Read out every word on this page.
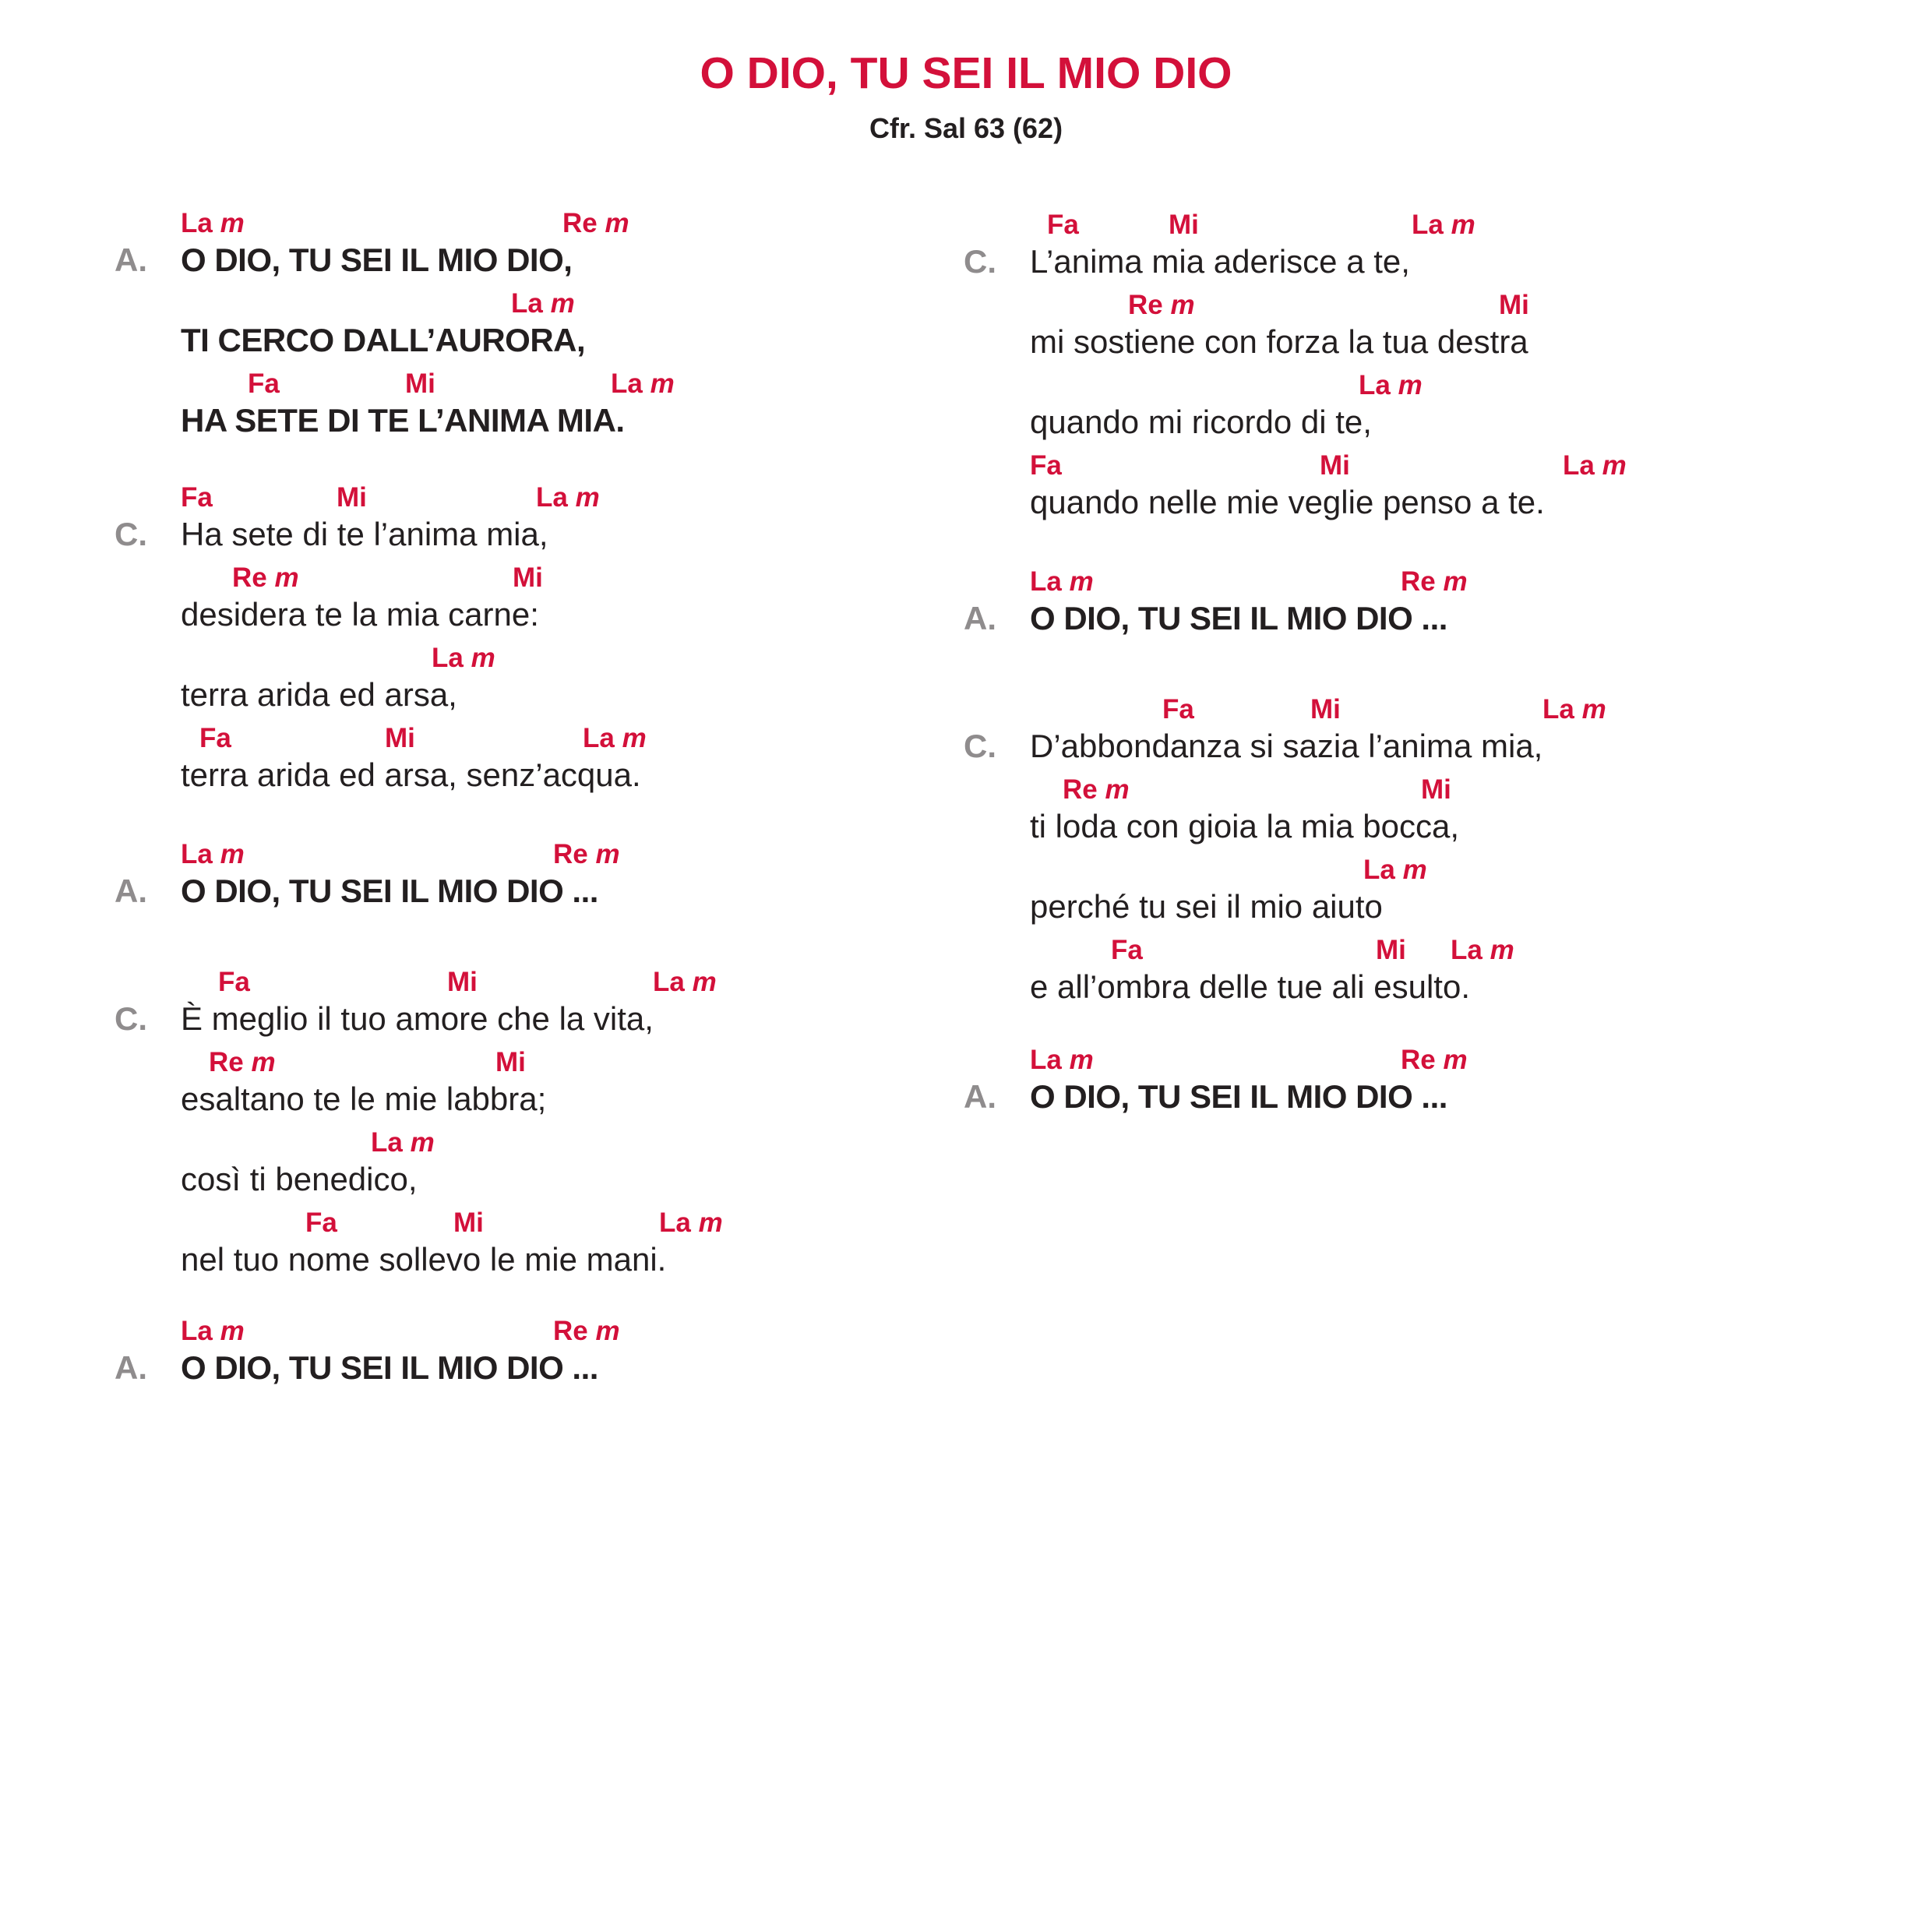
O DIO, TU SEI IL MIO DIO
Cfr. Sal 63 (62)
La m	Re m
A. O DIO, TU SEI IL MIO DIO,
La m
TI CERCO DALL’AURORA,
Fa	Mi	La m
HA SETE DI TE L’ANIMA MIA.
Fa	Mi	La m
C. Ha sete di te l’anima mia,
Re m	Mi
desidera te la mia carne:
La m
terra arida ed arsa,
Fa	Mi	La m
terra arida ed arsa, senz’acqua.
La m	Re m
A. O DIO, TU SEI IL MIO DIO ...
Fa	Mi	La m
C. È meglio il tuo amore che la vita,
Re m	Mi
esaltano te le mie labbra;
La m
così ti benedico,
Fa	Mi	La m
nel tuo nome sollevo le mie mani.
La m	Re m
A. O DIO, TU SEI IL MIO DIO ...
Fa	Mi	La m
C. L’anima mia aderisce a te,
Re m	Mi
mi sostiene con forza la tua destra
La m
quando mi ricordo di te,
Fa	Mi	La m
quando nelle mie veglie penso a te.
La m	Re m
A. O DIO, TU SEI IL MIO DIO ...
Fa	Mi	La m
C. D’abbondanza si sazia l’anima mia,
Re m	Mi
ti loda con gioia la mia bocca,
La m
perché tu sei il mio aiuto
Fa	Mi La m
e all’ombra delle tue ali esulto.
La m	Re m
A. O DIO, TU SEI IL MIO DIO ...
